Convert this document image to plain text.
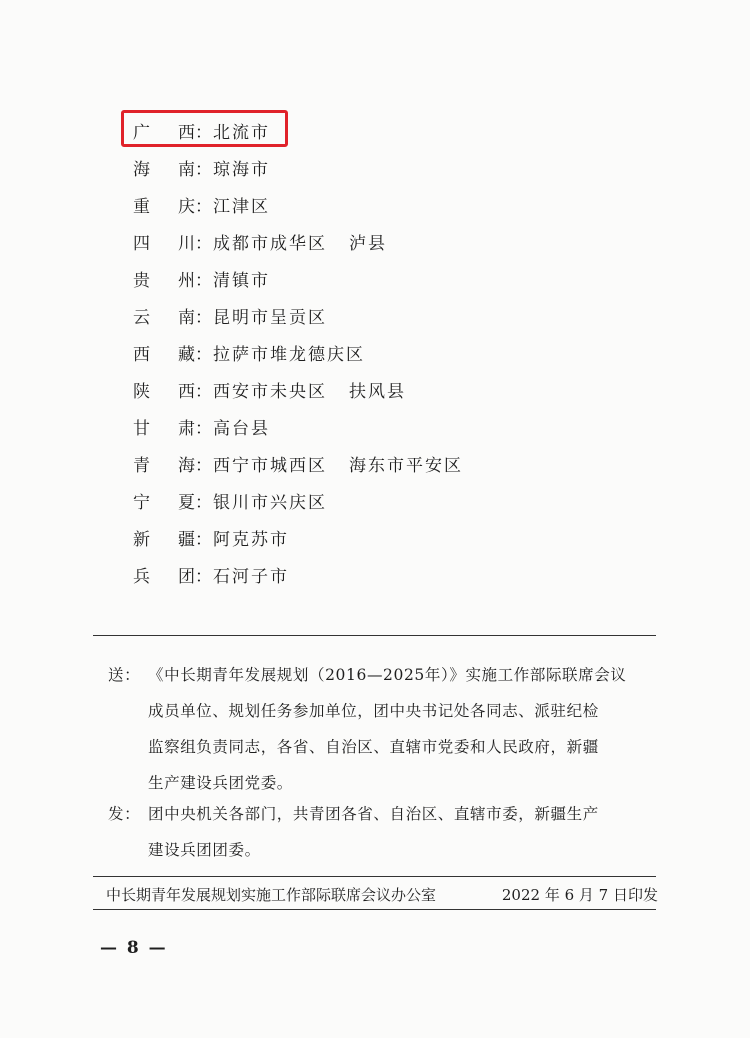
广 西 ： 北流市
海 南 ： 琼海市
重 庆 ： 江津区
四 川 ： 成都市成华区 泸县
贵 州 ： 清镇市
云 南 ： 昆明市呈贡区
西 藏 ： 拉萨市堆龙德庆区
陕 西 ： 西安市未央区 扶风县
甘 肃 ： 高台县
青 海 ： 西宁市城西区 海东市平安区
宁 夏 ： 银川市兴庆区
新 疆 ： 阿克苏市
兵 团 ： 石河子市
送： 《中长期青年发展规划（2016—2025年）》实施工作部际联席会议
成员单位、规划任务参加单位，团中央书记处各同志、派驻纪检
监察组负责同志，各省、自治区、直辖市党委和人民政府，新疆
生产建设兵团党委。
发： 团中央机关各部门，共青团各省、自治区、直辖市委，新疆生产
建设兵团团委。
中长期青年发展规划实施工作部际联席会议办公室	2022 年 6 月 7 日印发
— 8 —
